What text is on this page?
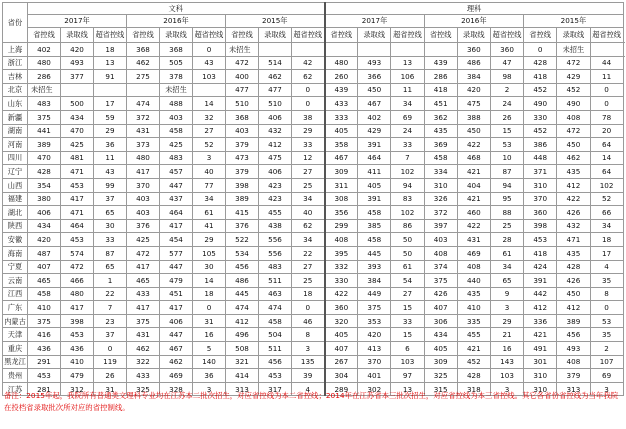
省份	文科									理科									
	2017年			2016年			2015年			2017年			2016年			2015年			
	省控线	录取线	超省控线	省控线	录取线	超省控线	省控线	录取线	超省控线	省控线	录取线	超省控线	省控线	录取线	超省控线	省控线	录取线	超省控线	
上海	402	420	18	368	368	0	未招生							360	360	0	未招生		
浙江	480	493	13	462	505	43	472	514	42	480	493	13	439	486	47	428	472	44	
吉林	286	377	91	275	378	103	400	462	62	260	366	106	286	384	98	418	429	11	
北京	未招生				未招生		477	477	0	439	450	11	418	420	2	452	452	0	
山东	483	500	17	474	488	14	510	510	0	433	467	34	451	475	24	490	490	0	
新疆	375	434	59	372	403	32	368	406	38	333	402	69	362	388	26	330	408	78	
湖南	441	470	29	431	458	27	403	432	29	405	429	24	435	450	15	452	472	20	
河南	389	425	36	373	425	52	379	412	33	358	391	33	369	422	53	386	450	64	
四川	470	481	11	480	483	3	473	475	12	467	464	7	458	468	10	448	462	14	
辽宁	428	471	43	417	457	40	379	406	27	309	411	102	334	421	87	371	435	64	
山西	354	453	99	370	447	77	398	423	25	311	405	94	310	404	94	310	412	102	
福建	380	417	37	403	437	34	389	423	34	308	391	83	326	421	95	370	422	52	
湖北	406	471	65	403	464	61	415	455	40	356	458	102	372	460	88	360	426	66	
陕西	434	464	30	376	417	41	376	438	62	299	385	86	397	422	25	398	432	34	
安徽	420	453	33	425	454	29	522	556	34	408	458	50	403	431	28	453	471	18	
海南	487	574	87	472	577	105	534	556	22	395	445	50	408	469	61	418	435	17	
宁夏	407	472	65	417	447	30	456	483	27	332	393	61	374	408	34	424	428	4	
云南	465	466	1	465	479	14	486	511	25	330	384	54	375	440	65	391	426	35	
江西	458	480	22	433	451	18	445	463	18	422	449	27	426	435	9	442	450	8	
广东	410	417	7	417	417	0	474	474	0	360	375	15	407	410	3	412	412	0	
内蒙古	375	398	23	375	406	31	412	458	46	320	353	33	306	335	29	336	389	53	
天津	416	453	37	431	447	16	496	504	8	405	420	15	434	455	21	421	456	35	
重庆	436	436	0	462	467	5	508	511	3	407	413	6	405	421	16	491	493	2	
黑龙江	291	410	119	322	462	140	321	456	135	267	370	103	309	452	143	301	408	107	
贵州	453	479	26	433	469	36	414	453	39	304	401	97	325	428	103	310	379	69	
江苏	281	312	31	325	328	3	313	317	4	289	302	13	315	318	3	310	313	3	
备注：2015年起，我院所有普通类文理科专业均在江苏本二批次招生，对应省控线为本二省控线；2014年在江苏省本三批次招生，对应省控线为本三省控线。其它各省份省控线为当年我院在投档省录取批次所对应的省控制线。
